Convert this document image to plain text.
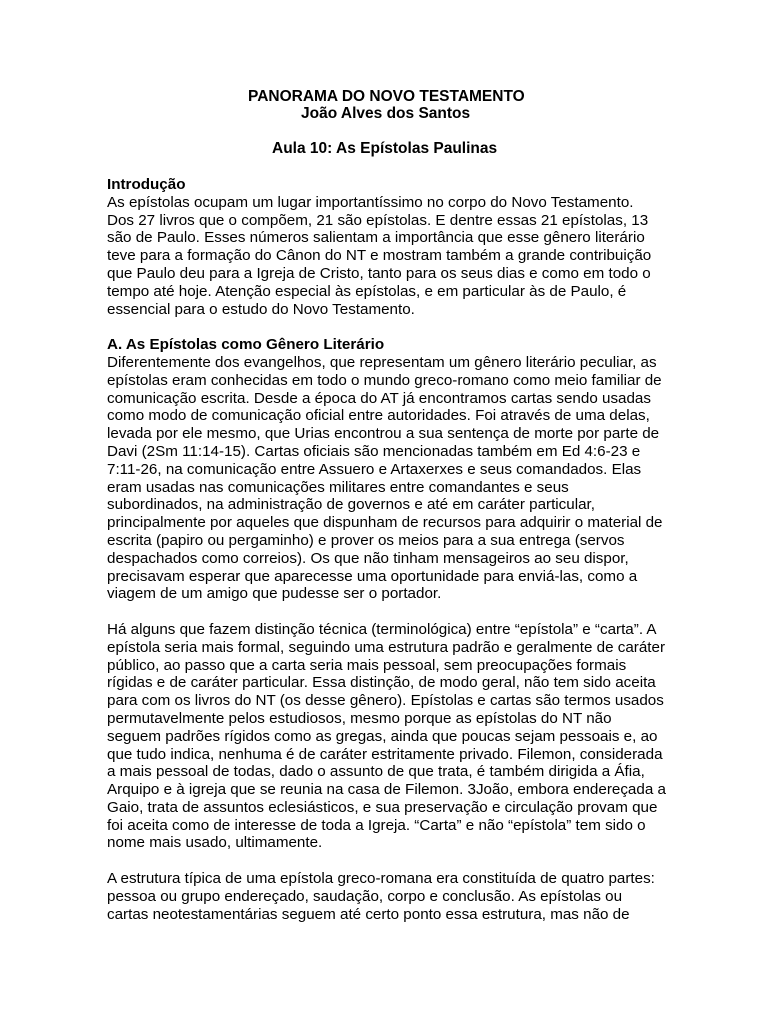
PANORAMA DO NOVO TESTAMENTO
João Alves dos Santos
Aula 10: As Epístolas Paulinas
Introdução
As epístolas ocupam um lugar importantíssimo no corpo do Novo Testamento.
Dos 27 livros que o compõem, 21 são epístolas. E dentre essas 21 epístolas, 13
são de Paulo. Esses números salientam a importância que esse gênero literário
teve para a formação do Cânon do NT e mostram também a grande contribuição
que Paulo deu para a Igreja de Cristo, tanto para os seus dias e como em todo o
tempo até hoje. Atenção especial às epístolas, e em particular às de Paulo, é
essencial para o estudo do Novo Testamento.
A. As Epístolas como Gênero Literário
Diferentemente dos evangelhos, que representam um gênero literário peculiar, as
epístolas eram conhecidas em todo o mundo greco-romano como meio familiar de
comunicação escrita. Desde a época do AT já encontramos cartas sendo usadas
como modo de comunicação oficial entre autoridades. Foi através de uma delas,
levada por ele mesmo, que Urias encontrou a sua sentença de morte por parte de
Davi (2Sm 11:14-15). Cartas oficiais são mencionadas também em Ed 4:6-23 e
7:11-26, na comunicação entre Assuero e Artaxerxes e seus comandados. Elas
eram usadas nas comunicações militares entre comandantes e seus
subordinados, na administração de governos e até em caráter particular,
principalmente por aqueles que dispunham de recursos para adquirir o material de
escrita (papiro ou pergaminho) e prover os meios para a sua entrega (servos
despachados como correios). Os que não tinham mensageiros ao seu dispor,
precisavam esperar que aparecesse uma oportunidade para enviá-las, como a
viagem de um amigo que pudesse ser o portador.
Há alguns que fazem distinção técnica (terminológica) entre “epístola” e “carta”. A
epístola seria mais formal, seguindo uma estrutura padrão e geralmente de caráter
público, ao passo que a carta seria mais pessoal, sem preocupações formais
rígidas e de caráter particular. Essa distinção, de modo geral, não tem sido aceita
para com os livros do NT (os desse gênero). Epístolas e cartas são termos usados
permutavelmente pelos estudiosos, mesmo porque as epístolas do NT não
seguem padrões rígidos como as gregas, ainda que poucas sejam pessoais e, ao
que tudo indica, nenhuma é de caráter estritamente privado. Filemon, considerada
a mais pessoal de todas, dado o assunto de que trata, é também dirigida a Áfia,
Arquipo e à igreja que se reunia na casa de Filemon. 3João, embora endereçada a
Gaio, trata de assuntos eclesiásticos, e sua preservação e circulação provam que
foi aceita como de interesse de toda a Igreja. “Carta” e não “epístola” tem sido o
nome mais usado, ultimamente.
A estrutura típica de uma epístola greco-romana era constituída de quatro partes:
pessoa ou grupo endereçado, saudação, corpo e conclusão. As epístolas ou
cartas neotestamentárias seguem até certo ponto essa estrutura, mas não de
